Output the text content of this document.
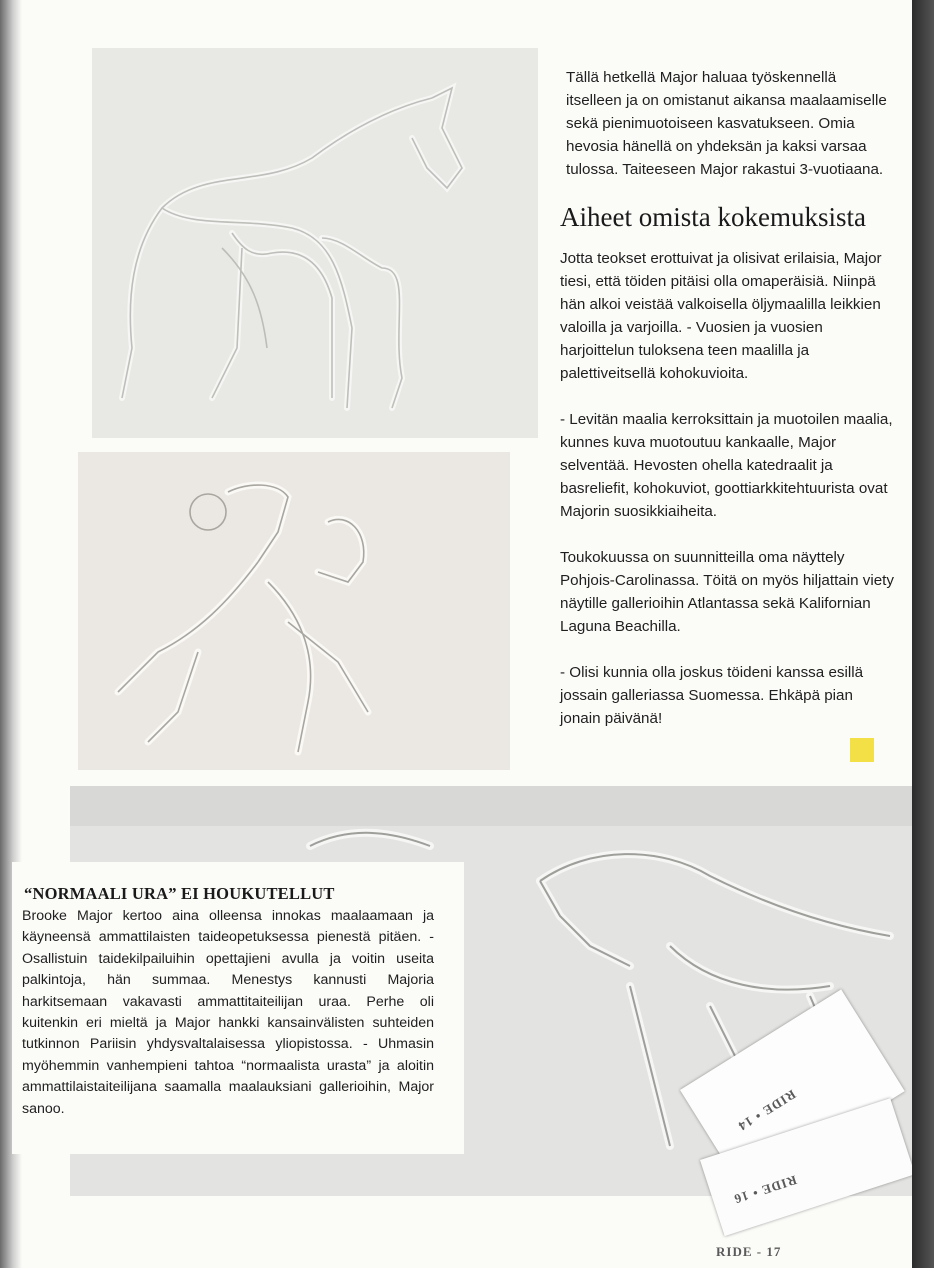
Tällä hetkellä Major haluaa työskennellä itselleen ja on omistanut aikansa maalaamiselle sekä pienimuotoiseen kasvatukseen. Omia hevosia hänellä on yhdeksän ja kaksi varsaa tulossa. Taiteeseen Major rakastui 3-vuotiaana.

Aiheet omista kokemuksista

Jotta teokset erottuivat ja olisivat erilaisia, Major tiesi, että töiden pitäisi olla omaperäisiä. Niinpä hän alkoi veistää valkoisella öljymaalilla leikkien valoilla ja varjoilla. - Vuosien ja vuosien harjoittelun tuloksena teen maalilla ja palettiveitsellä kohokuvioita.

- Levitän maalia kerroksittain ja muotoilen maalia, kunnes kuva muotoutuu kankaalle, Major selventää. Hevosten ohella katedraalit ja basreliefit, kohokuviot, goottiarkkitehtuurista ovat Majorin suosikkiaiheita.

Toukokuussa on suunnitteilla oma näyttely Pohjois-Carolinassa. Töitä on myös hiljattain viety näytille gallerioihin Atlantassa sekä Kalifornian Laguna Beachilla.

- Olisi kunnia olla joskus töideni kanssa esillä jossain galleriassa Suomessa. Ehkäpä pian jonain päivänä!

“NORMAALI URA” EI HOUKUTELLUT

Brooke Major kertoo aina olleensa innokas maalaamaan ja käyneensä ammattilaisten taideopetuksessa pienestä pitäen. - Osallistuin taidekilpailuihin opettajieni avulla ja voitin useita palkintoja, hän summaa. Menestys kannusti Majoria harkitsemaan vakavasti ammattitaiteilijan uraa. Perhe oli kuitenkin eri mieltä ja Major hankki kansainvälisten suhteiden tutkinnon Pariisin yhdysvaltalaisessa yliopistossa. - Uhmasin myöhemmin vanhempieni tahtoa “normaalista urasta” ja aloitin ammattilaistaiteilijana saamalla maalauksiani gallerioihin, Major sanoo.	RIDE • 14
RIDE • 16
RIDE - 17
